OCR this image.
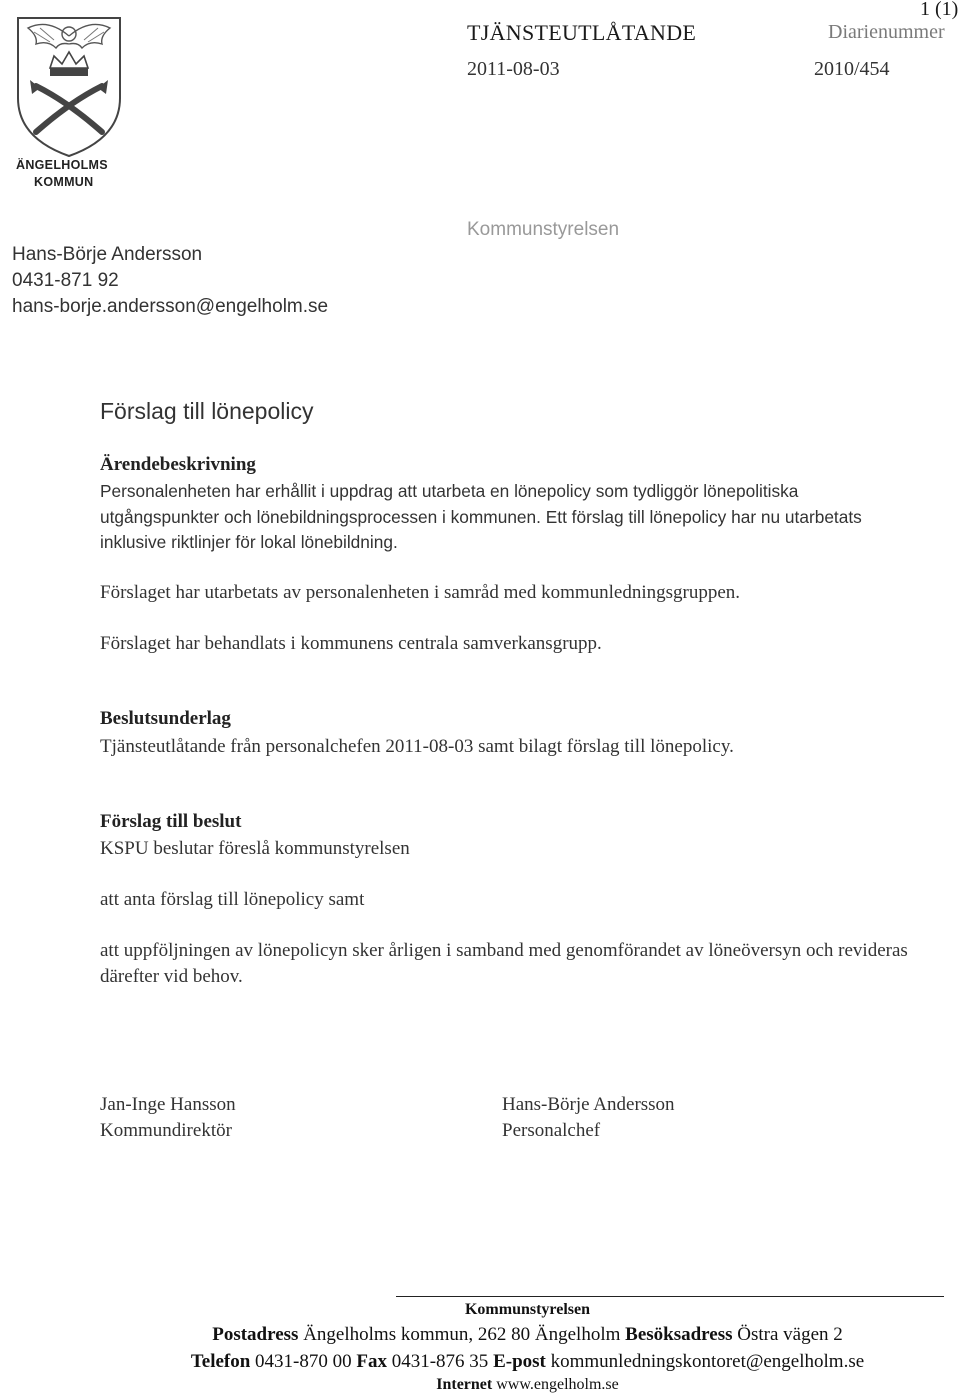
ÄNGELHOLMS
KOMMUN
1 (1)
TJÄNSTEUTLÅTANDE	Diarienummer
2011-08-03	2010/454
Hans-Börje Andersson
0431-871 92
hans-borje.andersson@engelholm.se
Kommunstyrelsen
Förslag till lönepolicy
Ärendebeskrivning
Personalenheten har erhållit i uppdrag att utarbeta en lönepolicy som tydliggör lönepolitiska utgångspunkter och lönebildningsprocessen i kommunen. Ett förslag till lönepolicy har nu utarbetats inklusive riktlinjer för lokal lönebildning.
Förslaget har utarbetats av personalenheten i samråd med kommunledningsgruppen.
Förslaget har behandlats i kommunens centrala samverkansgrupp.
Beslutsunderlag
Tjänsteutlåtande från personalchefen 2011-08-03 samt bilagt förslag till lönepolicy.
Förslag till beslut
KSPU beslutar föreslå kommunstyrelsen
att anta förslag till lönepolicy samt
att uppföljningen av lönepolicyn sker årligen i samband med genomförandet av löneöversyn och revideras därefter vid behov.
Jan-Inge Hansson
Kommundirektör
Hans-Börje Andersson
Personalchef
Kommunstyrelsen
Postadress Ängelholms kommun, 262 80 Ängelholm Besöksadress Östra vägen 2
Telefon 0431-870 00 Fax 0431-876 35 E-post kommunledningskontoret@engelholm.se
Internet www.engelholm.se
